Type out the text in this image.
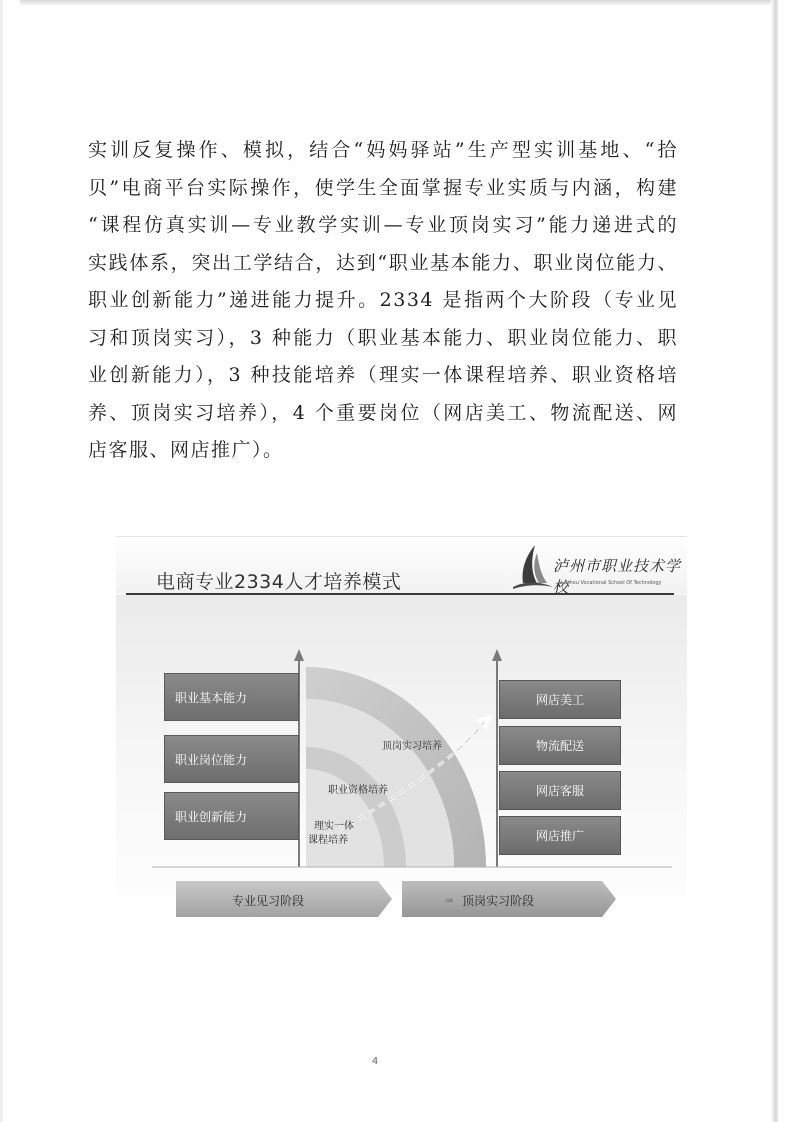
实训反复操作、模拟，结合“妈妈驿站”生产型实训基地、“拾
贝”电商平台实际操作，使学生全面掌握专业实质与内涵，构建
“课程仿真实训—专业教学实训—专业顶岗实习”能力递进式的
实践体系，突出工学结合，达到“职业基本能力、职业岗位能力、
职业创新能力”递进能力提升。2334 是指两个大阶段（专业见
习和顶岗实习），3 种能力（职业基本能力、职业岗位能力、职
业创新能力），3 种技能培养（理实一体课程培养、职业资格培
养、顶岗实习培养），4 个重要岗位（网店美工、物流配送、网
店客服、网店推广）。

电商专业2334人才培养模式
泸州市职业技术学校
Luzhou Vocational School Of Technology
职业基本能力
职业岗位能力
职业创新能力
网店美工
物流配送
网店客服
网店推广
顶岗实习培养
职业资格培养
理实一体
课程培养
专业见习阶段	us 顶岗实习阶段
4
